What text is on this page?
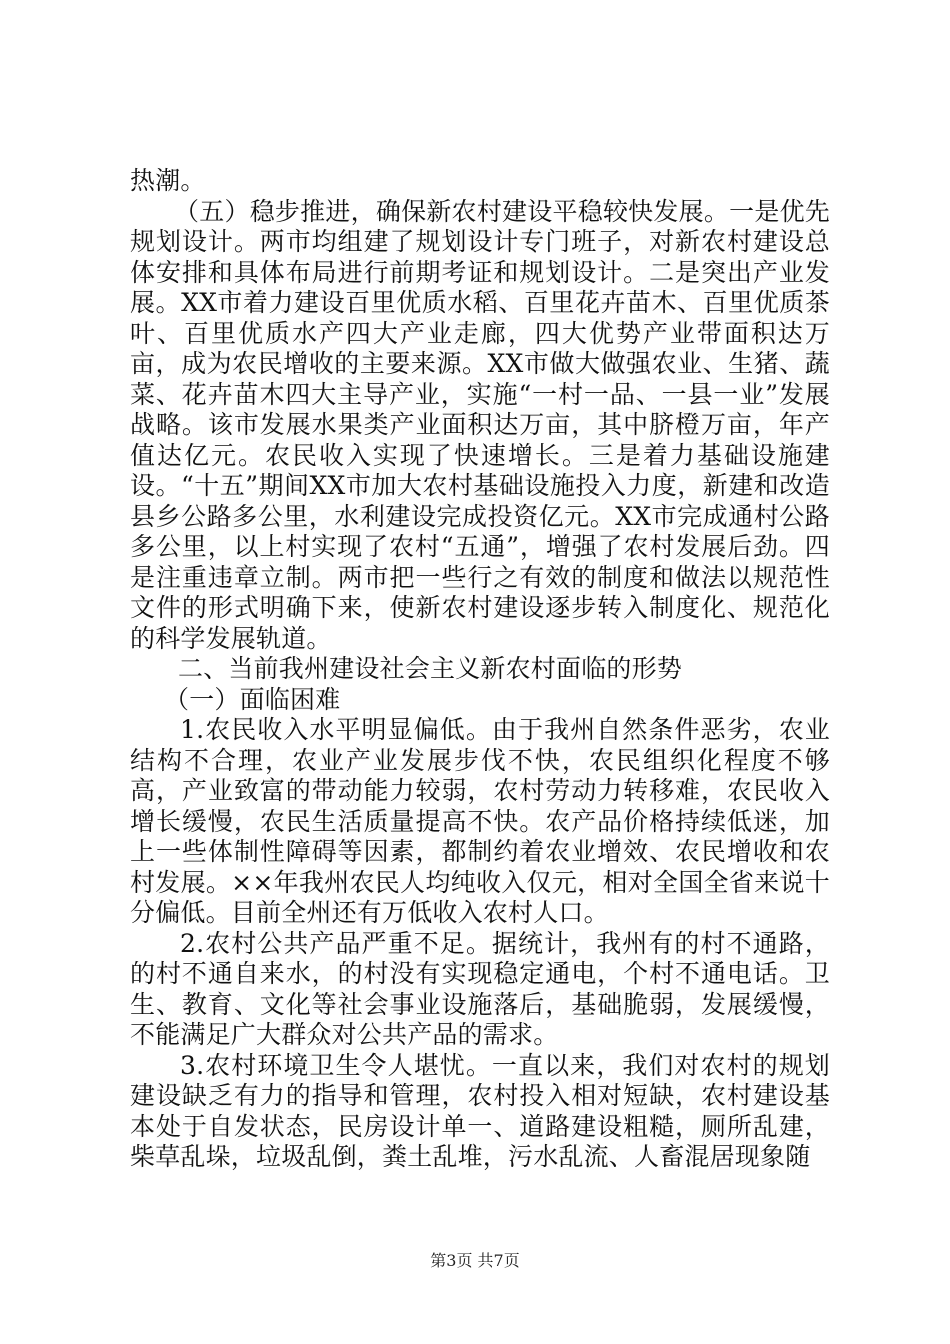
热潮。

（五）稳步推进，确保新农村建设平稳较快发展。一是优先规划设计。两市均组建了规划设计专门班子，对新农村建设总体安排和具体布局进行前期考证和规划设计。二是突出产业发展。XX市着力建设百里优质水稻、百里花卉苗木、百里优质茶叶、百里优质水产四大产业走廊，四大优势产业带面积达万亩，成为农民增收的主要来源。XX市做大做强农业、生猪、蔬菜、花卉苗木四大主导产业，实施“一村一品、一县一业”发展战略。该市发展水果类产业面积达万亩，其中脐橙万亩，年产值达亿元。农民收入实现了快速增长。三是着力基础设施建设。“十五”期间XX市加大农村基础设施投入力度，新建和改造县乡公路多公里，水利建设完成投资亿元。XX市完成通村公路多公里，以上村实现了农村“五通”，增强了农村发展后劲。四是注重违章立制。两市把一些行之有效的制度和做法以规范性文件的形式明确下来，使新农村建设逐步转入制度化、规范化的科学发展轨道。

二、当前我州建设社会主义新农村面临的形势

（一）面临困难

1.农民收入水平明显偏低。由于我州自然条件恶劣，农业结构不合理，农业产业发展步伐不快，农民组织化程度不够高，产业致富的带动能力较弱，农村劳动力转移难，农民收入增长缓慢，农民生活质量提高不快。农产品价格持续低迷，加上一些体制性障碍等因素，都制约着农业增效、农民增收和农村发展。××年我州农民人均纯收入仅元，相对全国全省来说十分偏低。目前全州还有万低收入农村人口。

2.农村公共产品严重不足。据统计，我州有的村不通路，的村不通自来水，的村没有实现稳定通电，个村不通电话。卫生、教育、文化等社会事业设施落后，基础脆弱，发展缓慢，不能满足广大群众对公共产品的需求。

3.农村环境卫生令人堪忧。一直以来，我们对农村的规划建设缺乏有力的指导和管理，农村投入相对短缺，农村建设基本处于自发状态，民房设计单一、道路建设粗糙，厕所乱建，柴草乱垛，垃圾乱倒，粪土乱堆，污水乱流、人畜混居现象随

第3页 共7页
